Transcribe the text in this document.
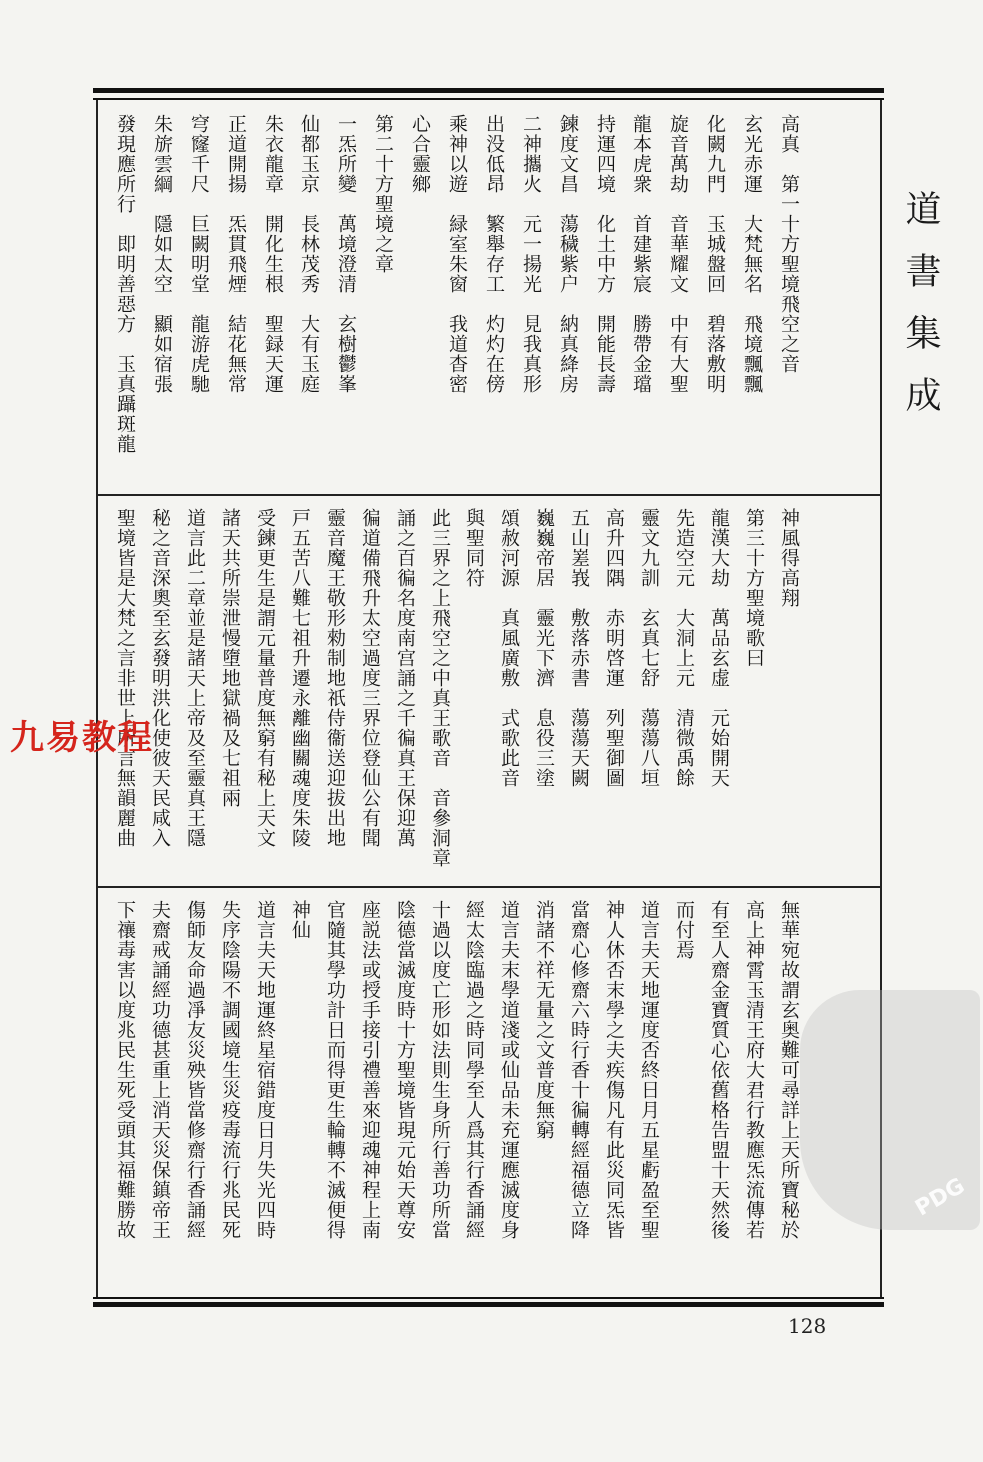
高真　第一十方聖境飛空之音
玄光赤運　大梵無名　飛境飄飄
化闕九門　玉城盤回　碧落敷明
旋音萬劫　音華耀文　中有大聖
龍本虎衆　首建紫宸　勝帶金璫
持運四境　化土中方　開能長壽
鍊度文昌　蕩穢紫户　納真絳房
二神攜火　元一揚光　見我真形
出没低昂　繁舉存工　灼灼在傍
乘神以遊　緑室朱窗　我道杳密
心合靈鄉
第二十方聖境之章
一炁所變　萬境澄清　玄樹鬱峯
仙都玉京　長林茂秀　大有玉庭
朱衣龍章　開化生根　聖録天運
正道開揚　炁貫飛煙　結花無常
穹窿千尺　巨闕明堂　龍游虎馳
朱旂雲綱　隱如太空　顯如宿張
發現應所行　即明善惡方　玉真躡斑龍
神風得高翔
第三十方聖境歌曰
龍漢大劫　萬品玄虚　元始開天
先造空元　大洞上元　清微禹餘
靈文九訓　玄真七舒　蕩蕩八垣
高升四隅　赤明啓運　列聖御圖
五山嵳峩　敷落赤書　蕩蕩天闕
巍巍帝居　靈光下濟　息役三塗
頌赦河源　真風廣敷　式歌此音
與聖同符
此三界之上飛空之中真王歌音　音參洞章
誦之百徧名度南宫誦之千徧真王保迎萬
徧道備飛升太空過度三界位登仙公有聞
靈音魔王敬形勑制地祇侍衞送迎拔出地
戸五苦八難七祖升遷永離幽關魂度朱陵
受鍊更生是謂元量普度無窮有秘上天文
諸天共所崇泄慢墮地獄禍及七祖兩
道言此二章並是諸天上帝及至靈真王隱
秘之音深奧至玄發明洪化使彼天民咸入
聖境皆是大梵之言非世上所言無韻麗曲
無華宛故謂玄奥難可尋詳上天所寶秘於
高上神霄玉清王府大君行教應炁流傳若
有至人齋金寶質心依舊格告盟十天然後
而付焉
道言夫天地運度否終日月五星虧盈至聖
神人休否末學之夫疾傷凡有此災同炁皆
當齋心修齋六時行香十徧轉經福德立降
消諸不祥无量之文普度無窮
道言夫末學道淺或仙品未充運應滅度身
經太陰臨過之時同學至人爲其行香誦經
十過以度亡形如法則生身所行善功所當
陰德當滅度時十方聖境皆現元始天尊安
座説法或授手接引禮善來迎魂神程上南
官隨其學功計日而得更生輪轉不滅便得
神仙
道言夫天地運終星宿錯度日月失光四時
失序陰陽不調國境生災疫毒流行兆民死
傷師友命過凈友災殃皆當修齋行香誦經
夫齋戒誦經功德甚重上消天災保鎮帝王
下禳毒害以度兆民生死受頭其福難勝故
道書集成
128
九易教程
PDG
